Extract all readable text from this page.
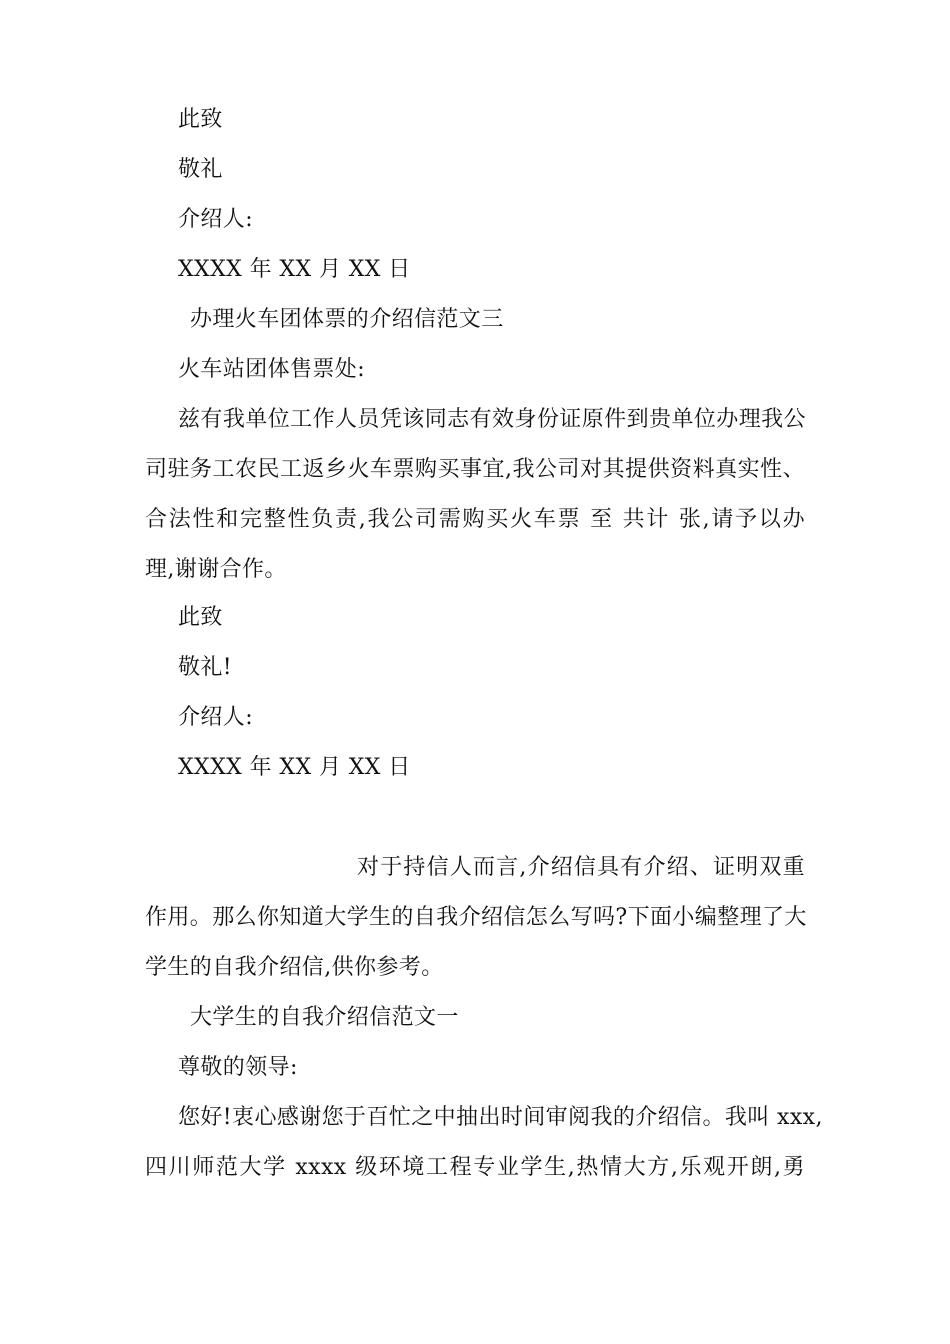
此致
敬礼
介绍人:
XXXX 年 XX 月 XX 日
办理火车团体票的介绍信范文三
火车站团体售票处:
兹有我单位工作人员凭该同志有效身份证原件到贵单位办理我公
司驻务工农民工返乡火车票购买事宜,我公司对其提供资料真实性、
合法性和完整性负责,我公司需购买火车票 至 共计 张,请予以办
理,谢谢合作。
此致
敬礼!
介绍人:
XXXX 年 XX 月 XX 日
对于持信人而言,介绍信具有介绍、证明双重
作用。那么你知道大学生的自我介绍信怎么写吗?下面小编整理了大
学生的自我介绍信,供你参考。
大学生的自我介绍信范文一
尊敬的领导:
您好!衷心感谢您于百忙之中抽出时间审阅我的介绍信。我叫 xxx,
四川师范大学 xxxx 级环境工程专业学生,热情大方,乐观开朗,勇
